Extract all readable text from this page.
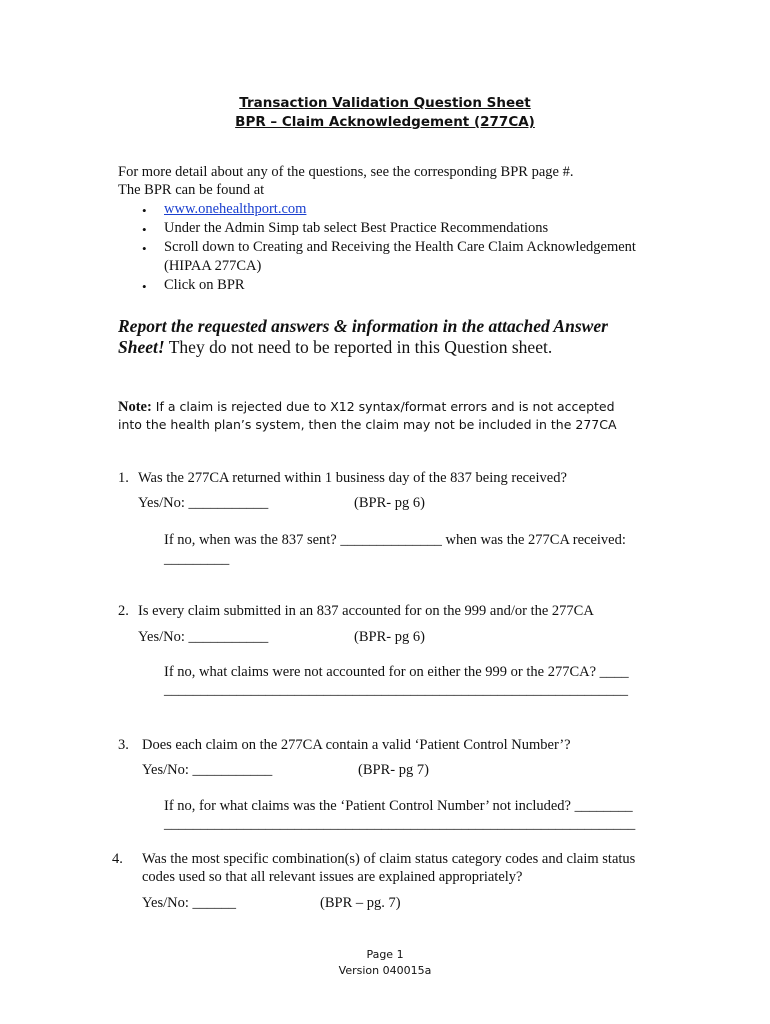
Transaction Validation Question Sheet
BPR – Claim Acknowledgement (277CA)
For more detail about any of the questions, see the corresponding BPR page #.
The BPR can be found at
• www.onehealthport.com
• Under the Admin Simp tab select Best Practice Recommendations
• Scroll down to Creating and Receiving the Health Care Claim Acknowledgement
(HIPAA 277CA)
• Click on BPR
Report the requested answers & information in the attached Answer
Sheet! They do not need to be reported in this Question sheet.
Note: If a claim is rejected due to X12 syntax/format errors and is not accepted
into the health plan’s system, then the claim may not be included in the 277CA
1. Was the 277CA returned within 1 business day of the 837 being received?
Yes/No: ___________	(BPR- pg 6)
If no, when was the 837 sent? ______________ when was the 277CA received:
_________
2. Is every claim submitted in an 837 accounted for on the 999 and/or the 277CA
Yes/No: ___________	(BPR- pg 6)
If no, what claims were not accounted for on either the 999 or the 277CA? ____
________________________________________________________________
3. Does each claim on the 277CA contain a valid ‘Patient Control Number’?
Yes/No: ___________	(BPR- pg 7)
If no, for what claims was the ‘Patient Control Number’ not included? ________
_________________________________________________________________
4. Was the most specific combination(s) of claim status category codes and claim status
codes used so that all relevant issues are explained appropriately?
Yes/No: ______	(BPR – pg. 7)
Page 1
Version 040015a
